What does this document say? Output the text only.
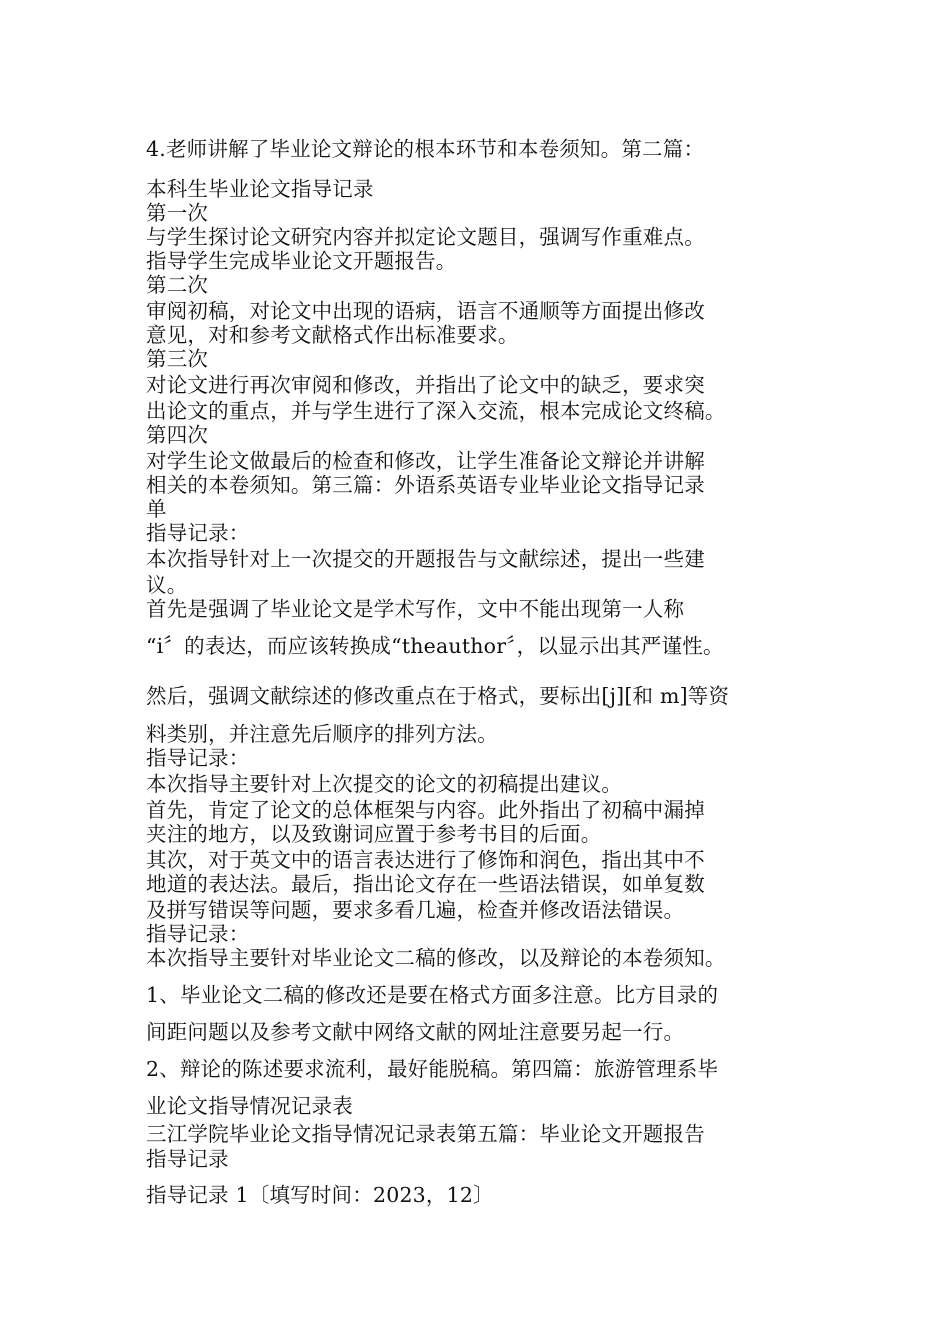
4.老师讲解了毕业论文辩论的根本环节和本卷须知。第二篇：
本科生毕业论文指导记录
第一次
与学生探讨论文研究内容并拟定论文题目，强调写作重难点。
指导学生完成毕业论文开题报告。
第二次
审阅初稿，对论文中出现的语病，语言不通顺等方面提出修改
意见，对和参考文献格式作出标准要求。
第三次
对论文进行再次审阅和修改，并指出了论文中的缺乏，要求突
出论文的重点，并与学生进行了深入交流，根本完成论文终稿。
第四次
对学生论文做最后的检查和修改，让学生准备论文辩论并讲解
相关的本卷须知。第三篇：外语系英语专业毕业论文指导记录
单
指导记录：
本次指导针对上一次提交的开题报告与文献综述，提出一些建
议。
首先是强调了毕业论文是学术写作，文中不能出现第一人称
“i〞的表达，而应该转换成“theauthor〞，以显示出其严谨性。
然后，强调文献综述的修改重点在于格式，要标出[j][和 m]等资
料类别，并注意先后顺序的排列方法。
指导记录：
本次指导主要针对上次提交的论文的初稿提出建议。
首先，肯定了论文的总体框架与内容。此外指出了初稿中漏掉
夹注的地方，以及致谢词应置于参考书目的后面。
其次，对于英文中的语言表达进行了修饰和润色，指出其中不
地道的表达法。最后，指出论文存在一些语法错误，如单复数
及拼写错误等问题，要求多看几遍，检查并修改语法错误。
指导记录：
本次指导主要针对毕业论文二稿的修改，以及辩论的本卷须知。
1、毕业论文二稿的修改还是要在格式方面多注意。比方目录的
间距问题以及参考文献中网络文献的网址注意要另起一行。
2、辩论的陈述要求流利，最好能脱稿。第四篇：旅游管理系毕
业论文指导情况记录表
三江学院毕业论文指导情况记录表第五篇：毕业论文开题报告
指导记录
指导记录 1〔填写时间：2023，12〕
